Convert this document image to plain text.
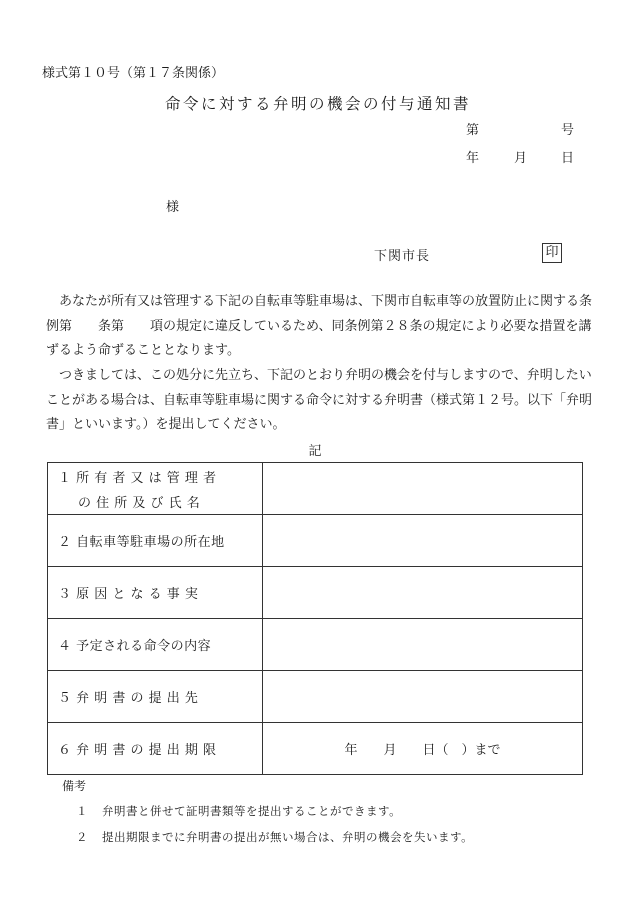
様式第１０号（第１７条関係）
命令に対する弁明の機会の付与通知書
第	号
年	月	日
様
下関市長	印
あなたが所有又は管理する下記の自転車等駐車場は、下関市自転車等の放置防止に関する条例第　　条第　　項の規定に違反しているため、同条例第２８条の規定により必要な措置を講ずるよう命ずることとなります。
つきましては、この処分に先立ち、下記のとおり弁明の機会を付与しますので、弁明したいことがある場合は、自転車等駐車場に関する命令に対する弁明書（様式第１２号。以下「弁明書」といいます。）を提出してください。
記
１ 所 有 者 又 は 管 理 者
の 住 所 及 び 氏 名	

２ 自転車等駐車場の所在地	

３ 原 因 と な る 事 実	

４ 予定される命令の内容	

５ 弁 明 書 の 提 出 先	

６ 弁 明 書 の 提 出 期 限	年　　月　　日（　）まで
備考
１ 弁明書と併せて証明書類等を提出することができます。
２ 提出期限までに弁明書の提出が無い場合は、弁明の機会を失います。
